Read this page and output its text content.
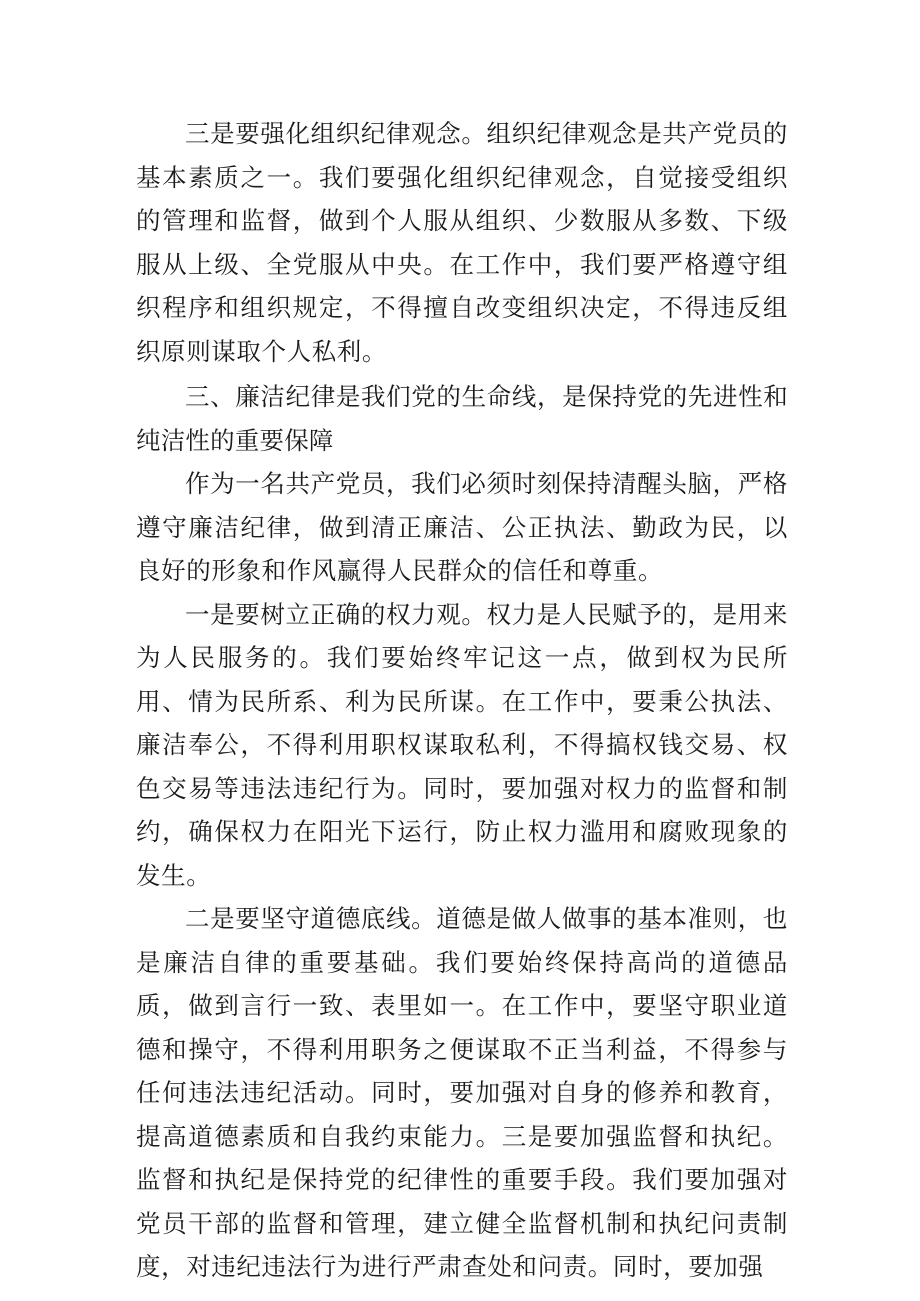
三是要强化组织纪律观念。组织纪律观念是共产党员的基本素质之一。我们要强化组织纪律观念，自觉接受组织的管理和监督，做到个人服从组织、少数服从多数、下级服从上级、全党服从中央。在工作中，我们要严格遵守组织程序和组织规定，不得擅自改变组织决定，不得违反组织原则谋取个人私利。

三、廉洁纪律是我们党的生命线，是保持党的先进性和纯洁性的重要保障

作为一名共产党员，我们必须时刻保持清醒头脑，严格遵守廉洁纪律，做到清正廉洁、公正执法、勤政为民，以良好的形象和作风赢得人民群众的信任和尊重。

一是要树立正确的权力观。权力是人民赋予的，是用来为人民服务的。我们要始终牢记这一点，做到权为民所用、情为民所系、利为民所谋。在工作中，要秉公执法、廉洁奉公，不得利用职权谋取私利，不得搞权钱交易、权色交易等违法违纪行为。同时，要加强对权力的监督和制约，确保权力在阳光下运行，防止权力滥用和腐败现象的发生。

二是要坚守道德底线。道德是做人做事的基本准则，也是廉洁自律的重要基础。我们要始终保持高尚的道德品质，做到言行一致、表里如一。在工作中，要坚守职业道德和操守，不得利用职务之便谋取不正当利益，不得参与任何违法违纪活动。同时，要加强对自身的修养和教育，提高道德素质和自我约束能力。三是要加强监督和执纪。监督和执纪是保持党的纪律性的重要手段。我们要加强对党员干部的监督和管理，建立健全监督机制和执纪问责制度，对违纪违法行为进行严肃查处和问责。同时，要加强
